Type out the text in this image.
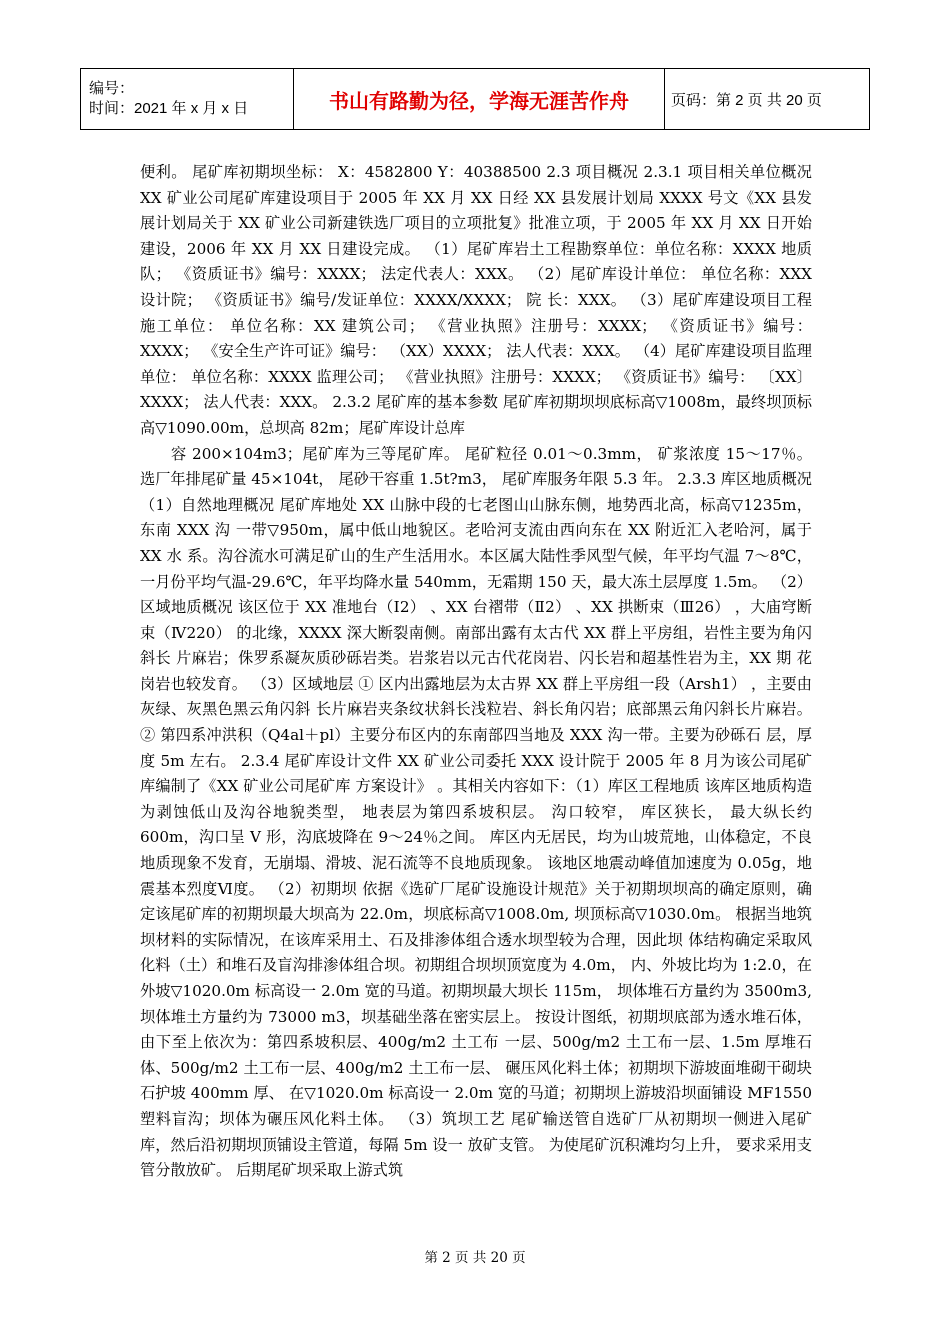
编号：
时间：2021 年 x 月 x 日	书山有路勤为径，学海无涯苦作舟	页码：第 2 页 共 20 页

便利。 尾矿库初期坝坐标： X：4582800 Y：40388500 2.3 项目概况 2.3.1 项目相关单位概况 XX 矿业公司尾矿库建设项目于 2005 年 XX 月 XX 日经 XX 县发展计划局 XXXX 号文《XX 县发展计划局关于 XX 矿业公司新建铁选厂项目的立项批复》批准立项，于 2005 年 XX 月 XX 日开始建设，2006 年 XX 月 XX 日建设完成。 （1）尾矿库岩土工程勘察单位：单位名称：XXXX 地质队； 《资质证书》编号：XXXX； 法定代表人：XXX。 （2）尾矿库设计单位： 单位名称：XXX 设计院； 《资质证书》编号/发证单位：XXXX/XXXX； 院 长：XXX。 （3）尾矿库建设项目工程施工单位： 单位名称：XX 建筑公司； 《营业执照》注册号：XXXX； 《资质证书》编号：XXXX； 《安全生产许可证》编号： （XX）XXXX； 法人代表：XXX。 （4）尾矿库建设项目监理单位： 单位名称：XXXX 监理公司； 《营业执照》注册号：XXXX； 《资质证书》编号： 〔XX〕XXXX； 法人代表：XXX。 2.3.2 尾矿库的基本参数 尾矿库初期坝坝底标高▽1008m，最终坝顶标高▽1090.00m，总坝高 82m；尾矿库设计总库

容 200×104m3；尾矿库为三等尾矿库。 尾矿粒径 0.01～0.3mm， 矿浆浓度 15～17％。 选厂年排尾矿量 45×104t， 尾砂干容重 1.5t?m3， 尾矿库服务年限 5.3 年。 2.3.3 库区地质概况 （1）自然地理概况 尾矿库地处 XX 山脉中段的七老图山山脉东侧，地势西北高，标高▽1235m，东南 XXX 沟 一带▽950m，属中低山地貌区。老哈河支流由西向东在 XX 附近汇入老哈河，属于 XX 水 系。沟谷流水可满足矿山的生产生活用水。本区属大陆性季风型气候，年平均气温 7～8℃， 一月份平均气温-29.6℃，年平均降水量 540mm，无霜期 150 天，最大冻土层厚度 1.5m。 （2）区域地质概况 该区位于 XX 准地台（Ⅰ2） 、XX 台褶带（Ⅱ2） 、XX 拱断束（Ⅲ26） ，大庙穹断束（Ⅳ220） 的北缘，XXXX 深大断裂南侧。南部出露有太古代 XX 群上平房组，岩性主要为角闪斜长 片麻岩；侏罗系凝灰质砂砾岩类。岩浆岩以元古代花岗岩、闪长岩和超基性岩为主，XX 期 花岗岩也较发育。 （3）区域地层 ① 区内出露地层为太古界 XX 群上平房组一段（Arsh1） ，主要由灰绿、灰黑色黑云角闪斜 长片麻岩夹条纹状斜长浅粒岩、斜长角闪岩；底部黑云角闪斜长片麻岩。 ② 第四系冲洪积（Q4al＋pl）主要分布区内的东南部四当地及 XXX 沟一带。主要为砂砾石 层，厚度 5m 左右。 2.3.4 尾矿库设计文件 XX 矿业公司委托 XXX 设计院于 2005 年 8 月为该公司尾矿库编制了《XX 矿业公司尾矿库 方案设计》 。其相关内容如下：（1）库区工程地质 该库区地质构造为剥蚀低山及沟谷地貌类型， 地表层为第四系坡积层。 沟口较窄， 库区狭长， 最大纵长约 600m，沟口呈 V 形，沟底坡降在 9～24％之间。 库区内无居民，均为山坡荒地，山体稳定，不良地质现象不发育，无崩塌、滑坡、泥石流等不良地质现象。 该地区地震动峰值加速度为 0.05g，地震基本烈度Ⅵ度。 （2）初期坝 依据《选矿厂尾矿设施设计规范》关于初期坝坝高的确定原则，确定该尾矿库的初期坝最大坝高为 22.0m，坝底标高▽1008.0m, 坝顶标高▽1030.0m。 根据当地筑坝材料的实际情况，在该库采用土、石及排渗体组合透水坝型较为合理，因此坝 体结构确定采取风化料（土）和堆石及盲沟排渗体组合坝。初期组合坝坝顶宽度为 4.0m， 内、外坡比均为 1:2.0，在外坡▽1020.0m 标高设一 2.0m 宽的马道。初期坝最大坝长 115m， 坝体堆石方量约为 3500m3,坝体堆土方量约为 73000 m3，坝基础坐落在密实层上。 按设计图纸，初期坝底部为透水堆石体，由下至上依次为：第四系坡积层、400g/m2 土工布 一层、500g/m2 土工布一层、1.5m 厚堆石体、500g/m2 土工布一层、400g/m2 土工布一层、 碾压风化料土体；初期坝下游坡面堆砌干砌块石护坡 400mm 厚、 在▽1020.0m 标高设一 2.0m 宽的马道；初期坝上游坡沿坝面铺设 MF1550 塑料盲沟；坝体为碾压风化料土体。 （3）筑坝工艺 尾矿输送管自选矿厂从初期坝一侧进入尾矿库，然后沿初期坝顶铺设主管道，每隔 5m 设一 放矿支管。 为使尾矿沉积滩均匀上升， 要求采用支管分散放矿。 后期尾矿坝采取上游式筑

第 2 页 共 20 页
